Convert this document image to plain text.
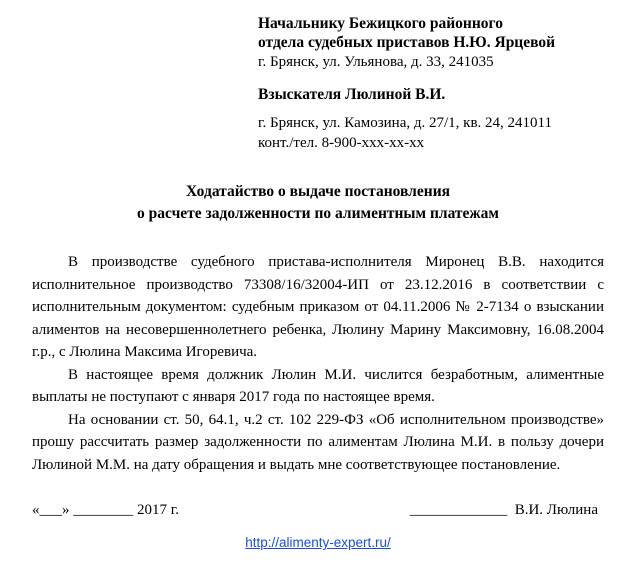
Начальнику Бежицкого районного
отдела судебных приставов Н.Ю. Ярцевой
г. Брянск, ул. Ульянова, д. 33, 241035
Взыскателя Люлиной В.И.
г. Брянск, ул. Камозина, д. 27/1, кв. 24, 241011
конт./тел. 8-900-ххх-хх-хх
Ходатайство о выдаче постановления
о расчете задолженности по алиментным платежам

В производстве судебного пристава-исполнителя Миронец В.В. находится исполнительное производство 73308/16/32004-ИП от 23.12.2016 в соответствии с исполнительным документом: судебным приказом от 04.11.2006 № 2-7134 о взыскании алиментов на несовершеннолетнего ребенка, Люлину Марину Максимовну, 16.08.2004 г.р., с Люлина Максима Игоревича.

В настоящее время должник Люлин М.И. числится безработным, алиментные выплаты не поступают с января 2017 года по настоящее время.

На основании ст. 50, 64.1, ч.2 ст. 102 229-ФЗ «Об исполнительном производстве» прошу рассчитать размер задолженности по алиментам Люлина М.И. в пользу дочери Люлиной М.М. на дату обращения и выдать мне соответствующее постановление.

«___» ________ 2017 г.	_____________ В.И. Люлина
http://alimenty-expert.ru/
